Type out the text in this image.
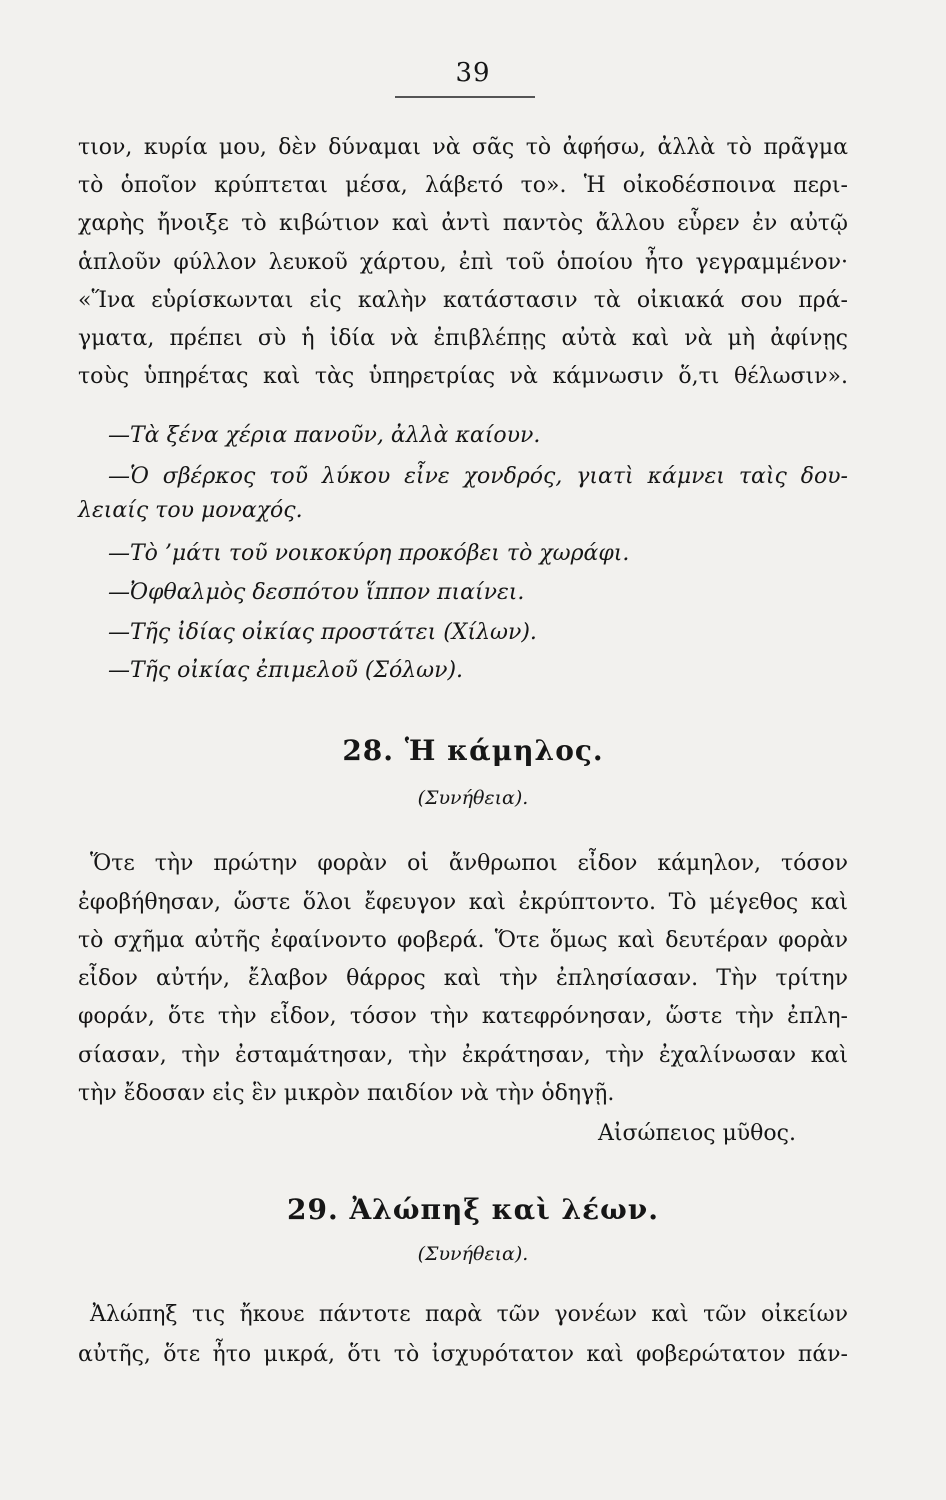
39
τιον, κυρία μου, δὲν δύναμαι νὰ σᾶς τὸ ἀφήσω, ἀλλὰ τὸ πρᾶγμα
τὸ ὁποῖον κρύπτεται μέσα, λάβετό το». Ἡ οἰκοδέσποινα περι-
χαρὴς ἤνοιξε τὸ κιβώτιον καὶ ἀντὶ παντὸς ἄλλου εὗρεν ἐν αὐτῷ
ἁπλοῦν φύλλον λευκοῦ χάρτου, ἐπὶ τοῦ ὁποίου ἦτο γεγραμμένον·
«Ἵνα εὑρίσκωνται εἰς καλὴν κατάστασιν τὰ οἰκιακά σου πρά-
γματα, πρέπει σὺ ἡ ἰδία νὰ ἐπιβλέπῃς αὐτὰ καὶ νὰ μὴ ἀφίνῃς
τοὺς ὑπηρέτας καὶ τὰς ὑπηρετρίας νὰ κάμνωσιν ὅ,τι θέλωσιν».
—Τὰ ξένα χέρια πανοῦν, ἀλλὰ καίουν.
—Ὁ σβέρκος τοῦ λύκου εἶνε χονδρός, γιατὶ κάμνει ταὶς δου-
λειαίς του μοναχός.
—Τὸ ’μάτι τοῦ νοικοκύρη προκόβει τὸ χωράφι.
—Ὀφθαλμὸς δεσπότου ἵππον πιαίνει.
—Τῆς ἰδίας οἰκίας προστάτει (Χίλων).
—Τῆς οἰκίας ἐπιμελοῦ (Σόλων).
Ὅτε τὴν πρώτην φορὰν οἱ ἄνθρωποι εἶδον κάμηλον, τόσον
ἐφοβήθησαν, ὥστε ὅλοι ἔφευγον καὶ ἐκρύπτοντο. Τὸ μέγεθος καὶ
τὸ σχῆμα αὐτῆς ἐφαίνοντο φοβερά. Ὅτε ὅμως καὶ δευτέραν φορὰν
εἶδον αὐτήν, ἔλαβον θάρρος καὶ τὴν ἐπλησίασαν. Τὴν τρίτην
φοράν, ὅτε τὴν εἶδον, τόσον τὴν κατεφρόνησαν, ὥστε τὴν ἐπλη-
σίασαν, τὴν ἐσταμάτησαν, τὴν ἐκράτησαν, τὴν ἐχαλίνωσαν καὶ
τὴν ἔδοσαν εἰς ἓν μικρὸν παιδίον νὰ τὴν ὁδηγῇ.
Ἀλώπηξ τις ἤκουε πάντοτε παρὰ τῶν γονέων καὶ τῶν οἰκείων
αὐτῆς, ὅτε ἦτο μικρά, ὅτι τὸ ἰσχυρότατον καὶ φοβερώτατον πάν-
28. Ἡ κάμηλος.
(Συνήθεια).
Αἰσώπειος μῦθος.
29. Ἀλώπηξ καὶ λέων.
(Συνήθεια).
